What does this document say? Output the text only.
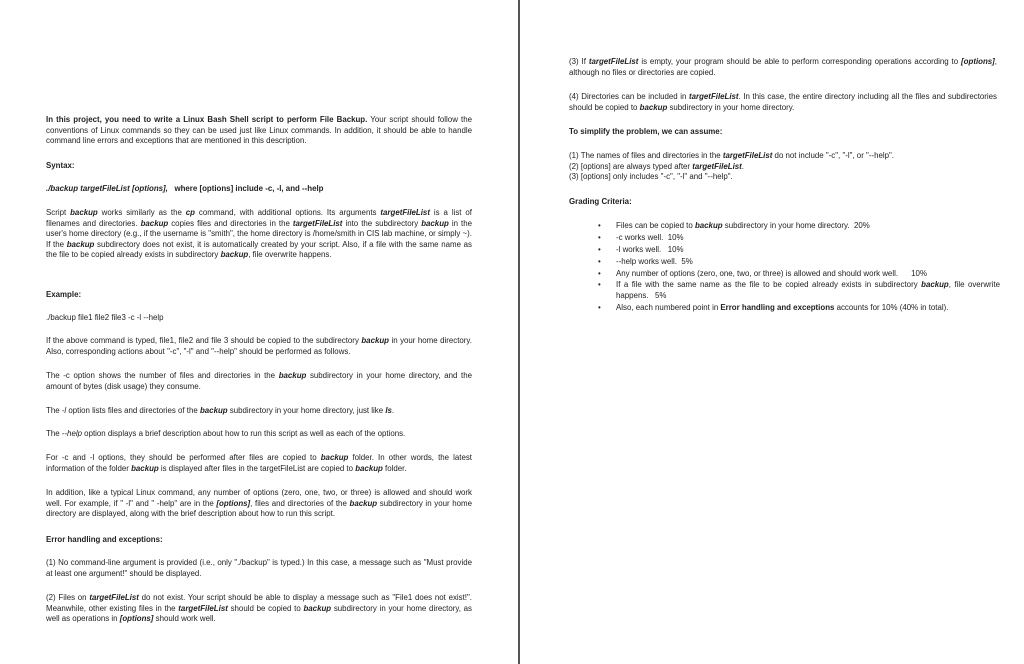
In this project, you need to write a Linux Bash Shell script to perform File Backup. Your script should follow the conventions of Linux commands so they can be used just like Linux commands. In addition, it should be able to handle command line errors and exceptions that are mentioned in this description.

Syntax:

./backup targetFileList [options],   where [options] include -c, -l, and --help

Script backup works similarly as the cp command, with additional options. Its arguments targetFileList is a list of filenames and directories. backup copies files and directories in the targetFileList into the subdirectory backup in the user's home directory (e.g., if the username is "smith", the home directory is /home/smith in CIS lab machine, or simply ~). If the backup subdirectory does not exist, it is automatically created by your script. Also, if a file with the same name as the file to be copied already exists in subdirectory backup, file overwrite happens.

Example:

./backup file1 file2 file3 -c -l --help

If the above command is typed, file1, file2 and file 3 should be copied to the subdirectory backup in your home directory. Also, corresponding actions about "-c", "-l" and "--help" should be performed as follows.

The -c option shows the number of files and directories in the backup subdirectory in your home directory, and the amount of bytes (disk usage) they consume.

The -l option lists files and directories of the backup subdirectory in your home directory, just like ls.

The --help option displays a brief description about how to run this script as well as each of the options.

For -c and -l options, they should be performed after files are copied to backup folder. In other words, the latest information of the folder backup is displayed after files in the targetFileList are copied to backup folder.

In addition, like a typical Linux command, any number of options (zero, one, two, or three) is allowed and should work well. For example, if " -l" and " -help" are in the [options], files and directories of the backup subdirectory in your home directory are displayed, along with the brief description about how to run this script.

Error handling and exceptions:

(1) No command-line argument is provided (i.e., only "./backup" is typed.) In this case, a message such as "Must provide at least one argument!" should be displayed.

(2) Files on targetFileList do not exist. Your script should be able to display a message such as "File1 does not exist!". Meanwhile, other existing files in the targetFileList should be copied to backup subdirectory in your home directory, as well as operations in [options] should work well.

(3) If targetFileList is empty, your program should be able to perform corresponding operations according to [options], although no files or directories are copied.

(4) Directories can be included in targetFileList. In this case, the entire directory including all the files and subdirectories should be copied to backup subdirectory in your home directory.

To simplify the problem, we can assume:

(1) The names of files and directories in the targetFileList do not include "-c", "-l", or "--help".
(2) [options] are always typed after targetFileList.
(3) [options] only includes "-c", "-l" and "--help".

Grading Criteria:

• Files can be copied to backup subdirectory in your home directory.  20%
• -c works well.  10%
• -l works well.   10%
• --help works well.  5%
• Any number of options (zero, one, two, or three) is allowed and should work well.      10%
• If a file with the same name as the file to be copied already exists in subdirectory backup, file overwrite happens.   5%
• Also, each numbered point in Error handling and exceptions accounts for 10% (40% in total).
